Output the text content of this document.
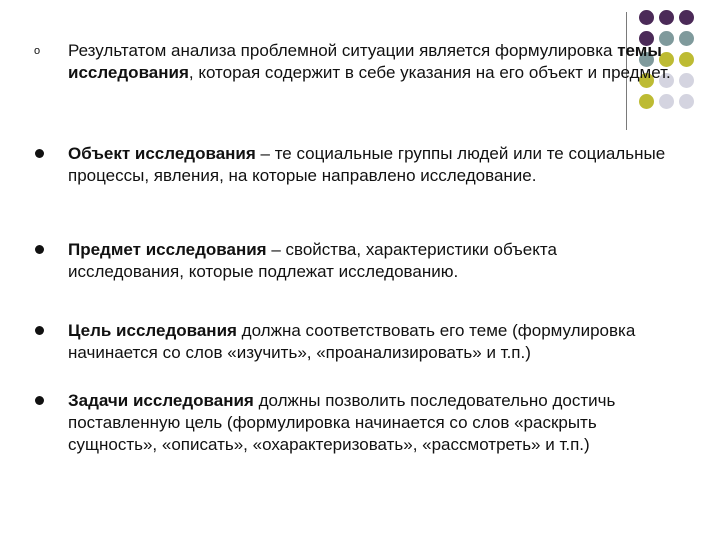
o	Результатом анализа проблемной ситуации является формулировка темы исследования, которая содержит в себе указания на его объект и предмет.
Объект исследования – те социальные группы людей или те социальные процессы, явления, на которые направлено исследование.
Предмет исследования – свойства, характеристики объекта исследования, которые подлежат исследованию.
Цель исследования должна соответствовать его теме (формулировка начинается со слов «изучить», «проанализировать» и т.п.)
Задачи исследования должны позволить последовательно достичь поставленную цель (формулировка начинается со слов «раскрыть сущность», «описать», «охарактеризовать», «рассмотреть» и т.п.)
